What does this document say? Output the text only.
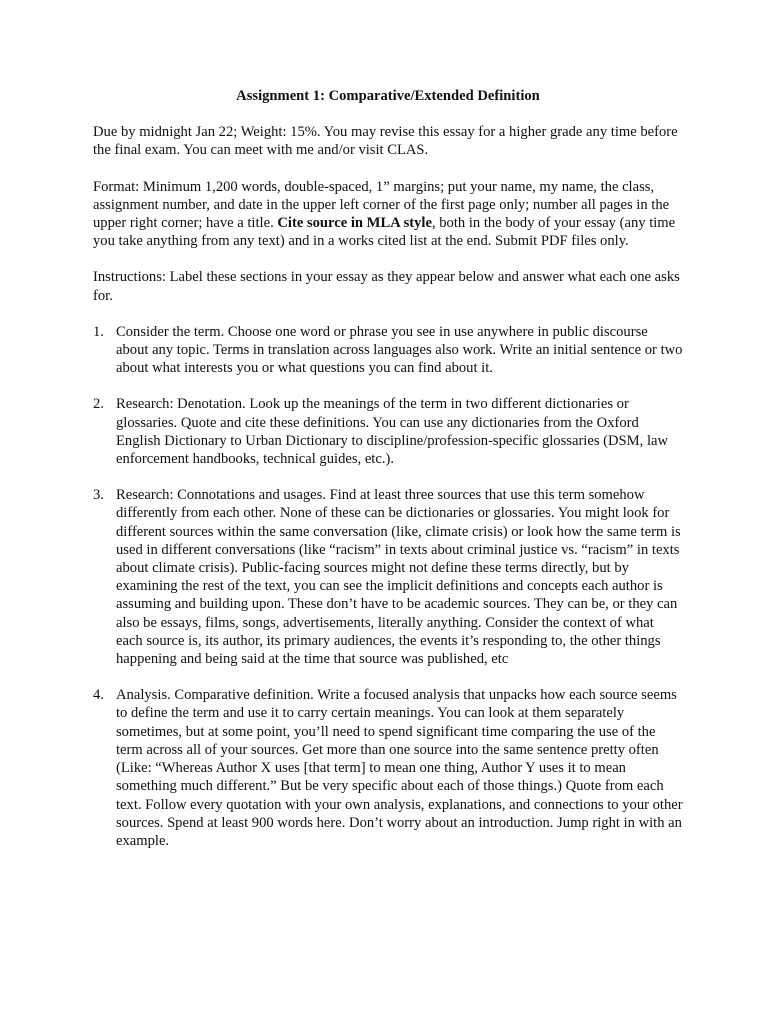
Assignment 1: Comparative/Extended Definition

Due by midnight Jan 22; Weight: 15%. You may revise this essay for a higher grade any time before the final exam. You can meet with me and/or visit CLAS.

Format: Minimum 1,200 words, double-spaced, 1” margins; put your name, my name, the class, assignment number, and date in the upper left corner of the first page only; number all pages in the upper right corner; have a title. Cite source in MLA style, both in the body of your essay (any time you take anything from any text) and in a works cited list at the end. Submit PDF files only.

Instructions: Label these sections in your essay as they appear below and answer what each one asks for.

1. Consider the term. Choose one word or phrase you see in use anywhere in public discourse about any topic. Terms in translation across languages also work. Write an initial sentence or two about what interests you or what questions you can find about it.
2. Research: Denotation. Look up the meanings of the term in two different dictionaries or glossaries. Quote and cite these definitions. You can use any dictionaries from the Oxford English Dictionary to Urban Dictionary to discipline/profession-specific glossaries (DSM, law enforcement handbooks, technical guides, etc.).
3. Research: Connotations and usages. Find at least three sources that use this term somehow differently from each other. None of these can be dictionaries or glossaries. You might look for different sources within the same conversation (like, climate crisis) or look how the same term is used in different conversations (like “racism” in texts about criminal justice vs. “racism” in texts about climate crisis). Public-facing sources might not define these terms directly, but by examining the rest of the text, you can see the implicit definitions and concepts each author is assuming and building upon. These don’t have to be academic sources. They can be, or they can also be essays, films, songs, advertisements, literally anything. Consider the context of what each source is, its author, its primary audiences, the events it’s responding to, the other things happening and being said at the time that source was published, etc
4. Analysis. Comparative definition. Write a focused analysis that unpacks how each source seems to define the term and use it to carry certain meanings. You can look at them separately sometimes, but at some point, you’ll need to spend significant time comparing the use of the term across all of your sources. Get more than one source into the same sentence pretty often (Like: “Whereas Author X uses [that term] to mean one thing, Author Y uses it to mean something much different.” But be very specific about each of those things.) Quote from each text. Follow every quotation with your own analysis, explanations, and connections to your other sources. Spend at least 900 words here. Don’t worry about an introduction. Jump right in with an example.
